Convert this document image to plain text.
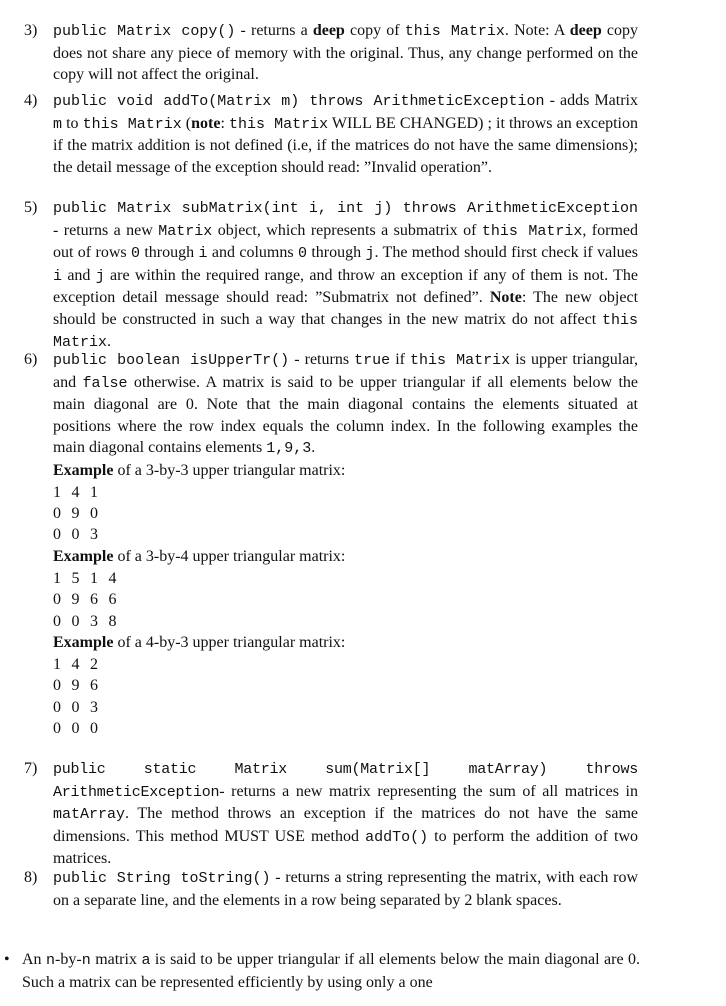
3) public Matrix copy() - returns a deep copy of this Matrix. Note: A deep copy does not share any piece of memory with the original. Thus, any change performed on the copy will not affect the original.
4) public void addTo(Matrix m) throws ArithmeticException - adds Matrix m to this Matrix (note: this Matrix WILL BE CHANGED) ; it throws an exception if the matrix addition is not defined (i.e, if the matrices do not have the same dimensions); the detail message of the exception should read: ”Invalid operation”.
5) public Matrix subMatrix(int i, int j) throws ArithmeticException - returns a new Matrix object, which represents a submatrix of this Matrix, formed out of rows 0 through i and columns 0 through j. The method should first check if values i and j are within the required range, and throw an exception if any of them is not. The exception detail message should read: ”Submatrix not defined”. Note: The new object should be constructed in such a way that changes in the new matrix do not affect this Matrix.
6) public boolean isUpperTr() - returns true if this Matrix is upper triangular, and false otherwise. A matrix is said to be upper triangular if all elements below the main diagonal are 0. Note that the main diagonal contains the elements situated at positions where the row index equals the column index. In the following examples the main diagonal contains elements 1,9,3.
Example of a 3-by-3 upper triangular matrix:
1 4 1
0 9 0
0 0 3
Example of a 3-by-4 upper triangular matrix:
1 5 1 4
0 9 6 6
0 0 3 8
Example of a 4-by-3 upper triangular matrix:
1 4 2
0 9 6
0 0 3
0 0 0
7) public static Matrix sum(Matrix[] matArray) throws ArithmeticException- returns a new matrix representing the sum of all matrices in matArray. The method throws an exception if the matrices do not have the same dimensions. This method MUST USE method addTo() to perform the addition of two matrices.
8) public String toString() - returns a string representing the matrix, with each row on a separate line, and the elements in a row being separated by 2 blank spaces.
• An n-by-n matrix a is said to be upper triangular if all elements below the main diagonal are 0. Such a matrix can be represented efficiently by using only a one
